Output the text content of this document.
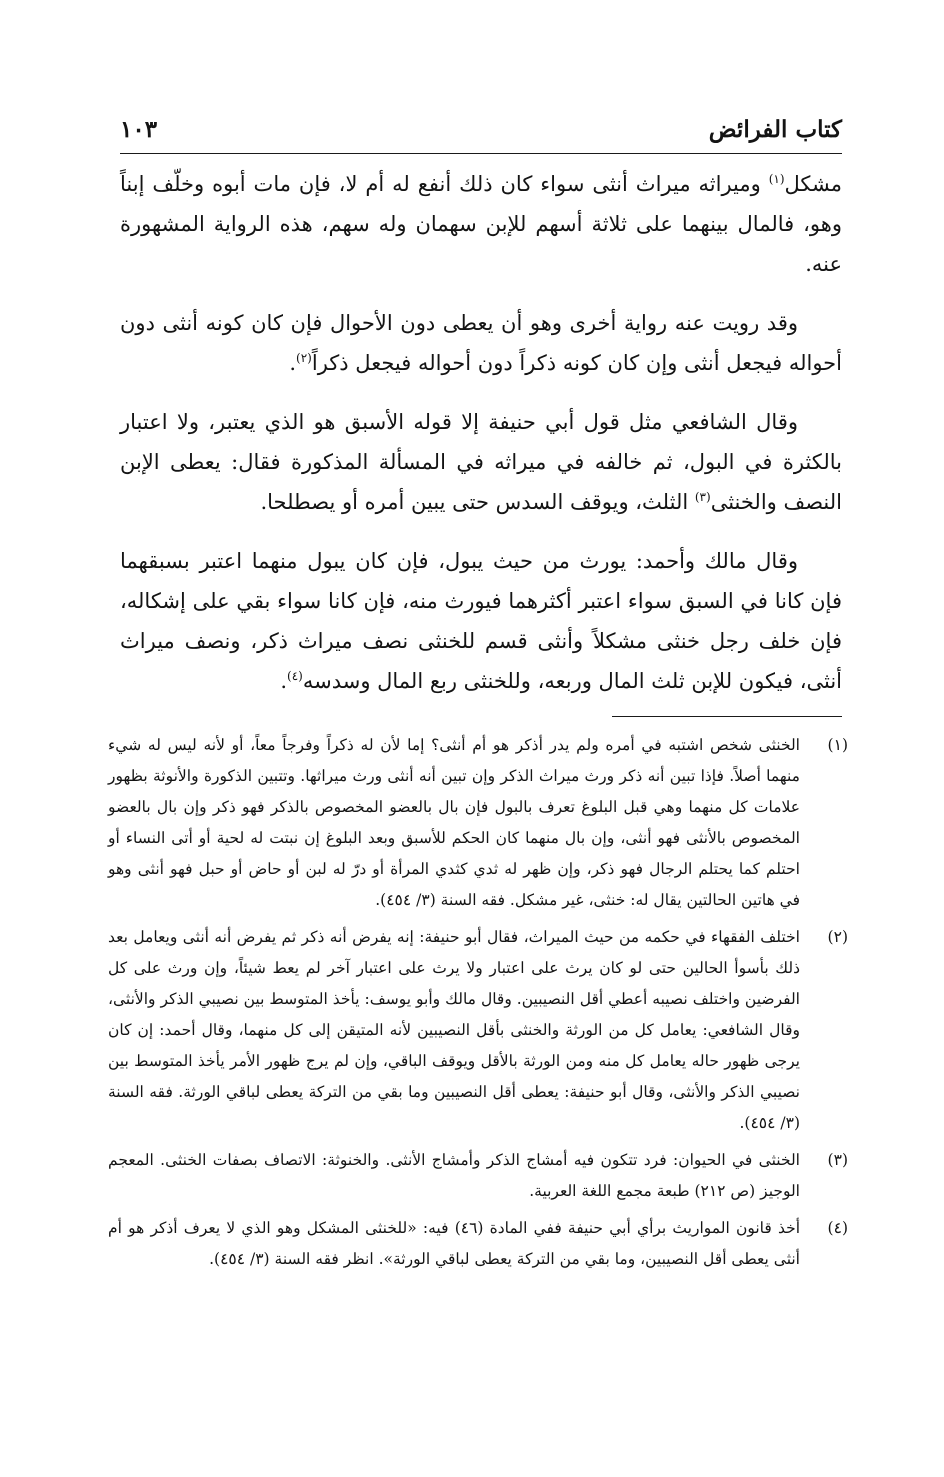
كتاب الفرائض
١٠٣

مشكل$^{(١)}$ وميراثه ميراث أنثى سواء كان ذلك أنفع له أم لا، فإن مات أبوه وخلّف إبناً وهو، فالمال بينهما على ثلاثة أسهم للإبن سهمان وله سهم، هذه الرواية المشهورة عنه.

وقد رويت عنه رواية أخرى وهو أن يعطى دون الأحوال فإن كان كونه أنثى دون أحواله فيجعل أنثى وإن كان كونه ذكراً دون أحواله فيجعل ذكراً$^{(٢)}$.

وقال الشافعي مثل قول أبي حنيفة إلا قوله الأسبق هو الذي يعتبر، ولا اعتبار بالكثرة في البول، ثم خالفه في ميراثه في المسألة المذكورة فقال: يعطى الإبن النصف والخنثى$^{(٣)}$ الثلث، ويوقف السدس حتى يبين أمره أو يصطلحا.

وقال مالك وأحمد: يورث من حيث يبول، فإن كان يبول منهما اعتبر بسبقهما فإن كانا في السبق سواء اعتبر أكثرهما فيورث منه، فإن كانا سواء بقي على إشكاله، فإن خلف رجل خنثى مشكلاً وأنثى قسم للخنثى نصف ميراث ذكر، ونصف ميراث أنثى، فيكون للإبن ثلث المال وربعه، وللخنثى ربع المال وسدسه$^{(٤)}$.

(١)
الخنثى شخص اشتبه في أمره ولم يدر أذكر هو أم أنثى؟ إما لأن له ذكراً وفرجاً معاً، أو لأنه ليس له شيء منهما أصلاً. فإذا تبين أنه ذكر ورث ميراث الذكر وإن تبين أنه أنثى ورث ميراثها. وتتبين الذكورة والأنوثة بظهور علامات كل منهما وهي قبل البلوغ تعرف بالبول فإن بال بالعضو المخصوص بالذكر فهو ذكر وإن بال بالعضو المخصوص بالأنثى فهو أنثى، وإن بال منهما كان الحكم للأسبق وبعد البلوغ إن نبتت له لحية أو أتى النساء أو احتلم كما يحتلم الرجال فهو ذكر، وإن ظهر له ثدي كثدي المرأة أو درّ له لبن أو حاض أو حبل فهو أنثى وهو في هاتين الحالتين يقال له: خنثى، غير مشكل. فقه السنة (٣/ ٤٥٤).
(٢)
اختلف الفقهاء في حكمه من حيث الميراث، فقال أبو حنيفة: إنه يفرض أنه ذكر ثم يفرض أنه أنثى ويعامل بعد ذلك بأسوأ الحالين حتى لو كان يرث على اعتبار ولا يرث على اعتبار آخر لم يعط شيئاً، وإن ورث على كل الفرضين واختلف نصيبه أعطي أقل النصيبين. وقال مالك وأبو يوسف: يأخذ المتوسط بين نصيبي الذكر والأنثى، وقال الشافعي: يعامل كل من الورثة والخنثى بأقل النصيبين لأنه المتيقن إلى كل منهما، وقال أحمد: إن كان يرجى ظهور حاله يعامل كل منه ومن الورثة بالأقل ويوقف الباقي، وإن لم يرج ظهور الأمر يأخذ المتوسط بين نصيبي الذكر والأنثى، وقال أبو حنيفة: يعطى أقل النصيبين وما بقي من التركة يعطى لباقي الورثة. فقه السنة (٣/ ٤٥٤).
(٣)
الخنثى في الحيوان: فرد تتكون فيه أمشاج الذكر وأمشاج الأنثى. والخنوثة: الاتصاف بصفات الخنثى. المعجم الوجيز (ص ٢١٢) طبعة مجمع اللغة العربية.
(٤)
أخذ قانون المواريث برأي أبي حنيفة ففي المادة (٤٦) فيه: «للخنثى المشكل وهو الذي لا يعرف أذكر هو أم أنثى يعطى أقل النصيبين، وما بقي من التركة يعطى لباقي الورثة». انظر فقه السنة (٣/ ٤٥٤).
